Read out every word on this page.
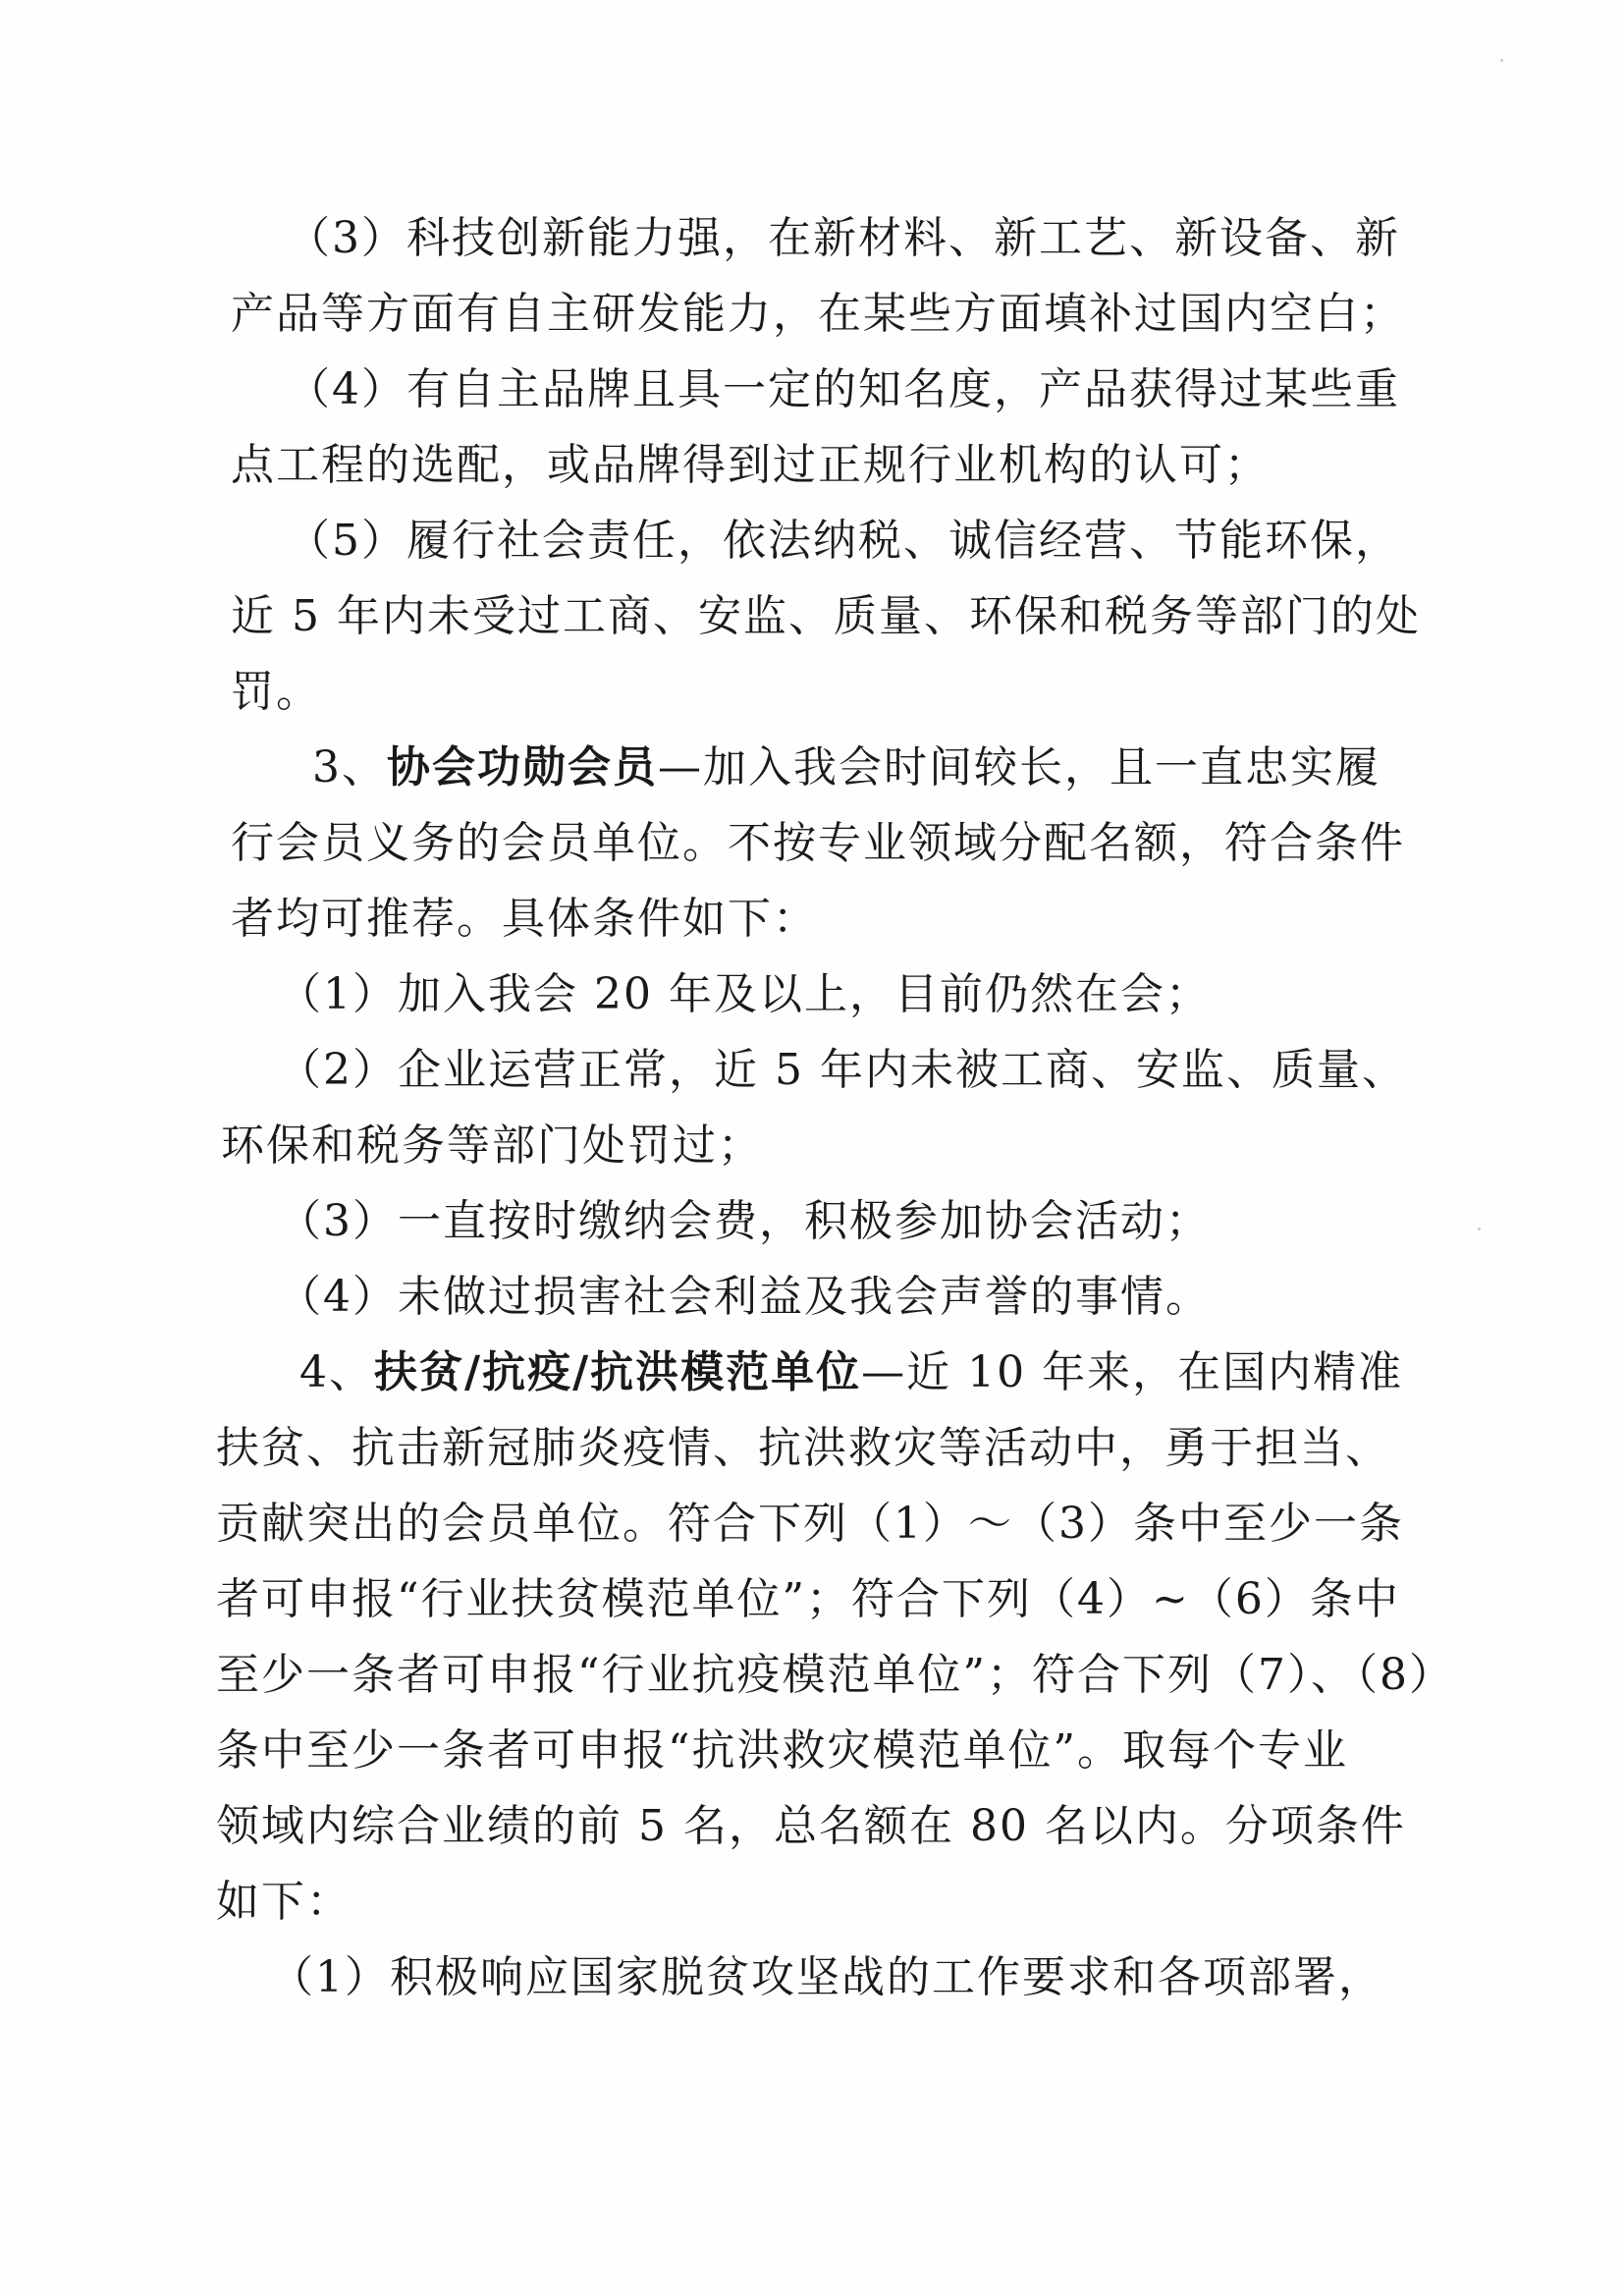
（3）科技创新能力强，在新材料、新工艺、新设备、新
产品等方面有自主研发能力，在某些方面填补过国内空白；
（4）有自主品牌且具一定的知名度，产品获得过某些重
点工程的选配，或品牌得到过正规行业机构的认可；
（5）履行社会责任，依法纳税、诚信经营、节能环保，
近 5 年内未受过工商、安监、质量、环保和税务等部门的处
罚。
3、协会功勋会员—加入我会时间较长，且一直忠实履
行会员义务的会员单位。不按专业领域分配名额，符合条件
者均可推荐。具体条件如下：
（1）加入我会 20 年及以上，目前仍然在会；
（2）企业运营正常，近 5 年内未被工商、安监、质量、
环保和税务等部门处罚过；
（3）一直按时缴纳会费，积极参加协会活动；
（4）未做过损害社会利益及我会声誉的事情。
4、扶贫/抗疫/抗洪模范单位—近 10 年来，在国内精准
扶贫、抗击新冠肺炎疫情、抗洪救灾等活动中，勇于担当、
贡献突出的会员单位。符合下列（1）～（3）条中至少一条
者可申报“行业扶贫模范单位”；符合下列（4）~（6）条中
至少一条者可申报“行业抗疫模范单位”；符合下列（7）、（8）
条中至少一条者可申报“抗洪救灾模范单位”。取每个专业
领域内综合业绩的前 5 名，总名额在 80 名以内。分项条件
如下：
（1）积极响应国家脱贫攻坚战的工作要求和各项部署，
